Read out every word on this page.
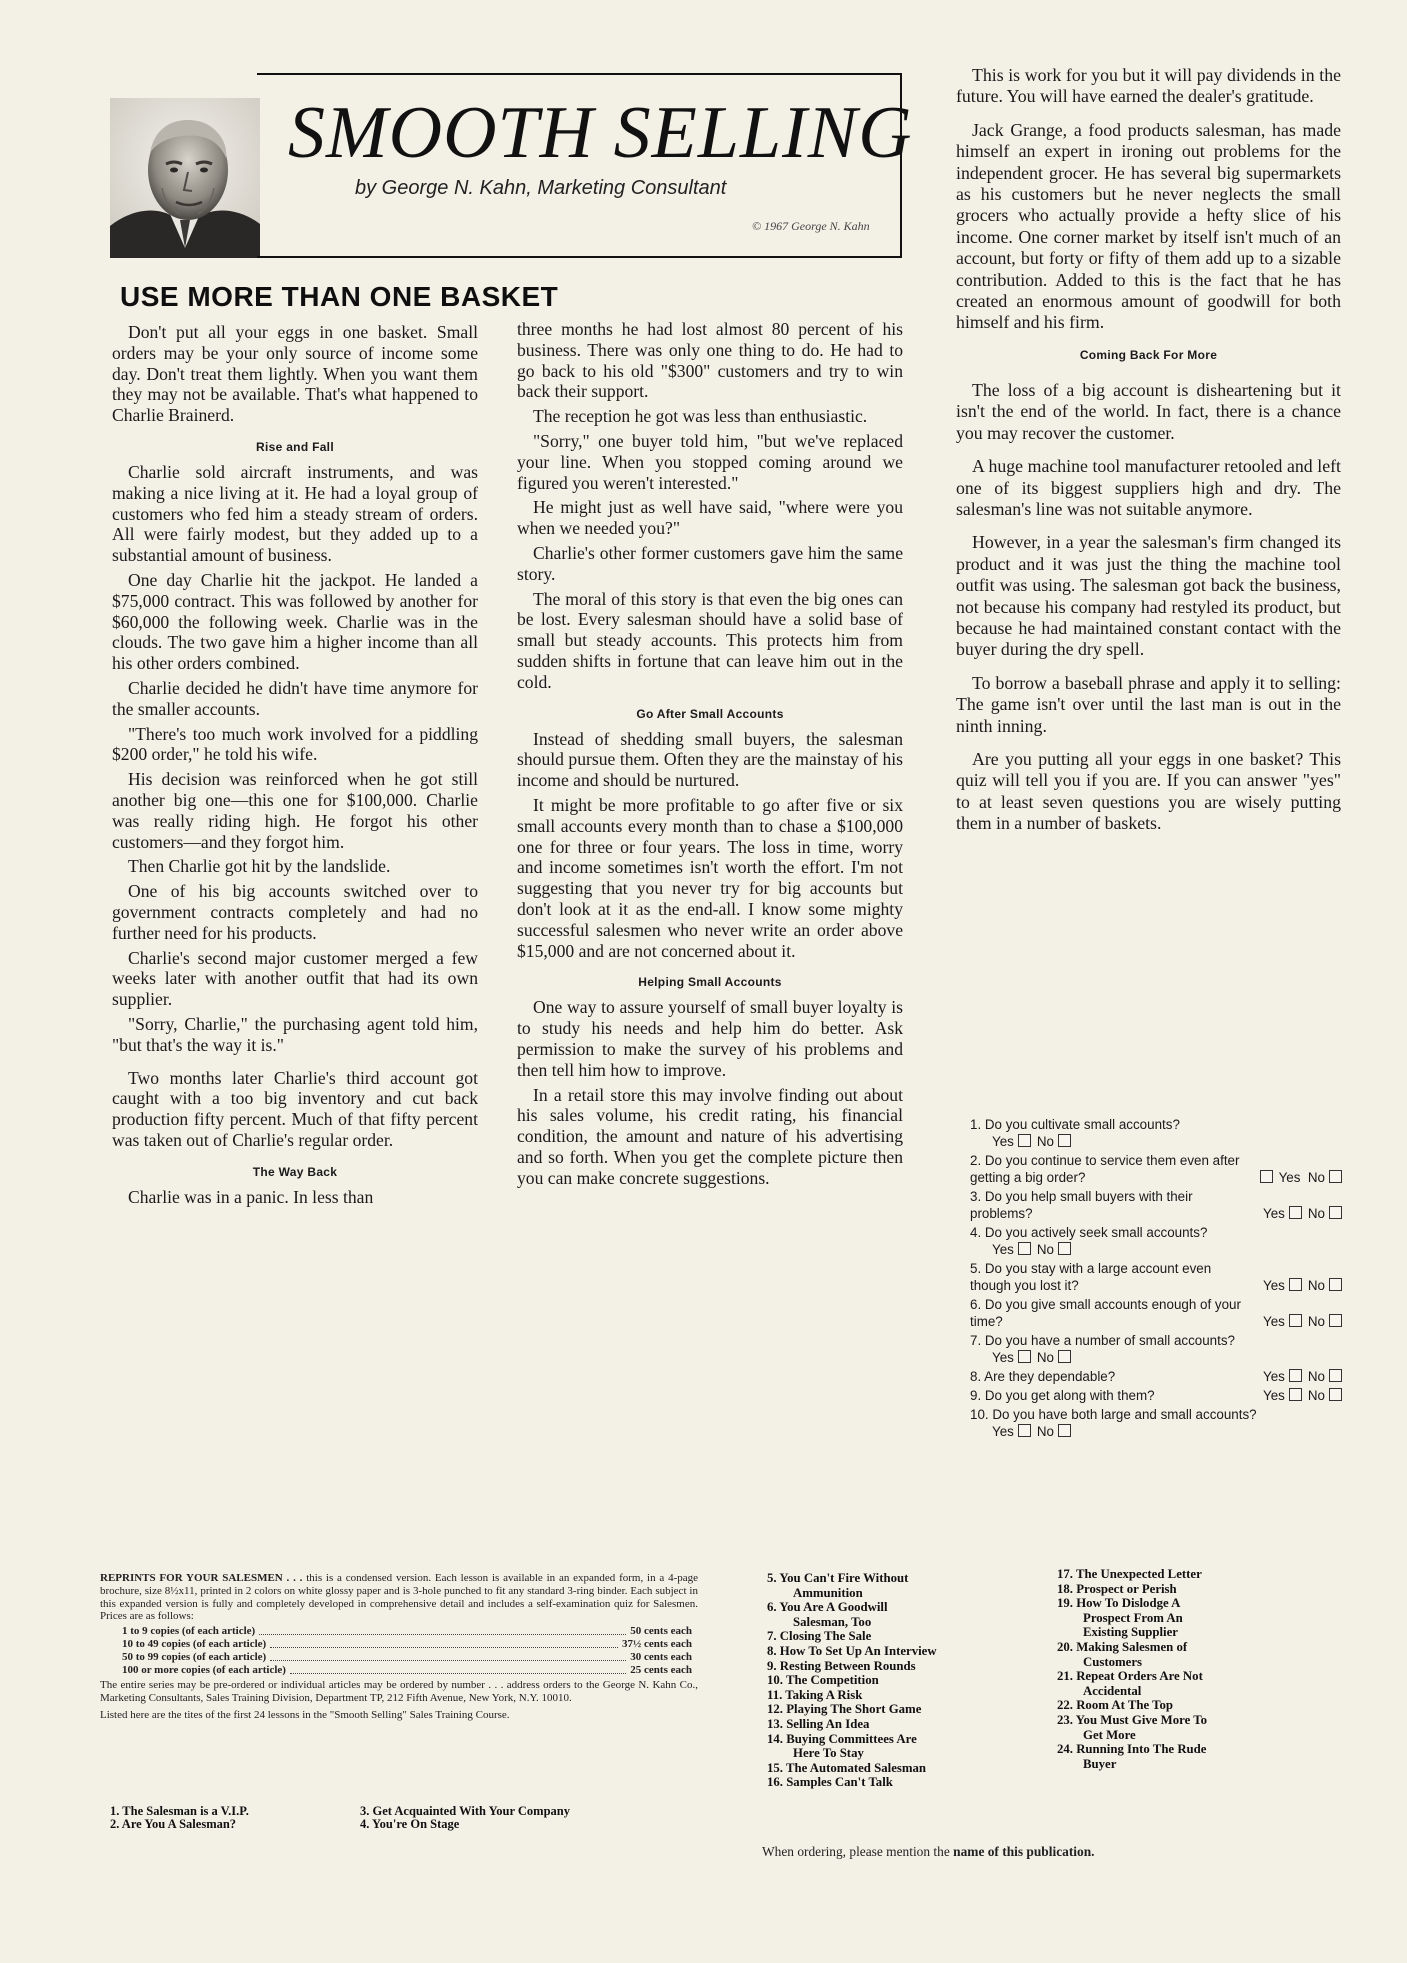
SMOOTH SELLING
by George N. Kahn, Marketing Consultant
© 1967 George N. Kahn
USE MORE THAN ONE BASKET

Don't put all your eggs in one basket. Small orders may be your only source of income some day. Don't treat them lightly. When you want them they may not be available. That's what happened to Charlie Brainerd.

Rise and Fall

Charlie sold aircraft instruments, and was making a nice living at it. He had a loyal group of customers who fed him a steady stream of orders. All were fairly modest, but they added up to a substantial amount of business.

One day Charlie hit the jackpot. He landed a $75,000 contract. This was followed by another for $60,000 the following week. Charlie was in the clouds. The two gave him a higher income than all his other orders combined.

Charlie decided he didn't have time anymore for the smaller accounts.

"There's too much work involved for a piddling $200 order," he told his wife.

His decision was reinforced when he got still another big one—this one for $100,000. Charlie was really riding high. He forgot his other customers—and they forgot him.

Then Charlie got hit by the landslide.

One of his big accounts switched over to government contracts completely and had no further need for his products.

Charlie's second major customer merged a few weeks later with another outfit that had its own supplier.

"Sorry, Charlie," the purchasing agent told him, "but that's the way it is."

Two months later Charlie's third account got caught with a too big inventory and cut back production fifty percent. Much of that fifty percent was taken out of Charlie's regular order.

The Way Back

Charlie was in a panic. In less than

three months he had lost almost 80 percent of his business. There was only one thing to do. He had to go back to his old "$300" customers and try to win back their support.

The reception he got was less than enthusiastic.

"Sorry," one buyer told him, "but we've replaced your line. When you stopped coming around we figured you weren't interested."

He might just as well have said, "where were you when we needed you?"

Charlie's other former customers gave him the same story.

The moral of this story is that even the big ones can be lost. Every salesman should have a solid base of small but steady accounts. This protects him from sudden shifts in fortune that can leave him out in the cold.

Go After Small Accounts

Instead of shedding small buyers, the salesman should pursue them. Often they are the mainstay of his income and should be nurtured.

It might be more profitable to go after five or six small accounts every month than to chase a $100,000 one for three or four years. The loss in time, worry and income sometimes isn't worth the effort. I'm not suggesting that you never try for big accounts but don't look at it as the end-all. I know some mighty successful salesmen who never write an order above $15,000 and are not concerned about it.

Helping Small Accounts

One way to assure yourself of small buyer loyalty is to study his needs and help him do better. Ask permission to make the survey of his problems and then tell him how to improve.

In a retail store this may involve finding out about his sales volume, his credit rating, his financial condition, the amount and nature of his advertising and so forth. When you get the complete picture then you can make concrete suggestions.

This is work for you but it will pay dividends in the future. You will have earned the dealer's gratitude.

Jack Grange, a food products salesman, has made himself an expert in ironing out problems for the independent grocer. He has several big supermarkets as his customers but he never neglects the small grocers who actually provide a hefty slice of his income. One corner market by itself isn't much of an account, but forty or fifty of them add up to a sizable contribution. Added to this is the fact that he has created an enormous amount of goodwill for both himself and his firm.

Coming Back For More

The loss of a big account is disheartening but it isn't the end of the world. In fact, there is a chance you may recover the customer.

A huge machine tool manufacturer retooled and left one of its biggest suppliers high and dry. The salesman's line was not suitable anymore.

However, in a year the salesman's firm changed its product and it was just the thing the machine tool outfit was using. The salesman got back the business, not because his company had restyled its product, but because he had maintained constant contact with the buyer during the dry spell.

To borrow a baseball phrase and apply it to selling: The game isn't over until the last man is out in the ninth inning.

Are you putting all your eggs in one basket? This quiz will tell you if you are. If you can answer "yes" to at least seven questions you are wisely putting them in a number of baskets.

1. Do you cultivate small accounts?
Yes No
2. Do you continue to service them even after getting a big order?	Yes No
3. Do you help small buyers with their problems?	Yes No
4. Do you actively seek small accounts?
Yes No
5. Do you stay with a large account even though you lost it?	Yes No
6. Do you give small accounts enough of your time?	Yes No
7. Do you have a number of small accounts?
Yes No
8. Are they dependable?	Yes No
9. Do you get along with them?	Yes No
10. Do you have both large and small accounts?
Yes No
REPRINTS FOR YOUR SALESMEN . . . this is a condensed version. Each lesson is available in an expanded form, in a 4-page brochure, size 8½x11, printed in 2 colors on white glossy paper and is 3-hole punched to fit any standard 3-ring binder. Each subject in this expanded version is fully and completely developed in comprehensive detail and includes a self-examination quiz for Salesmen. Prices are as follows:
1 to 9 copies (of each article)	50 cents each
10 to 49 copies (of each article)	37½ cents each
50 to 99 copies (of each article)	30 cents each
100 or more copies (of each article)	25 cents each
The entire series may be pre-ordered or individual articles may be ordered by number . . . address orders to the George N. Kahn Co., Marketing Consultants, Sales Training Division, Department TP, 212 Fifth Avenue, New York, N.Y. 10010.
Listed here are the tites of the first 24 lessons in the "Smooth Selling" Sales Training Course.
1. The Salesman is a V.I.P.
2. Are You A Salesman?
3. Get Acquainted With Your Company
4. You're On Stage
5. You Can't Fire Without
Ammunition
6. You Are A Goodwill
Salesman, Too
7. Closing The Sale
8. How To Set Up An Interview
9. Resting Between Rounds
10. The Competition
11. Taking A Risk
12. Playing The Short Game
13. Selling An Idea
14. Buying Committees Are
Here To Stay
15. The Automated Salesman
16. Samples Can't Talk
17. The Unexpected Letter
18. Prospect or Perish
19. How To Dislodge A
Prospect From An
Existing Supplier
20. Making Salesmen of
Customers
21. Repeat Orders Are Not
Accidental
22. Room At The Top
23. You Must Give More To
Get More
24. Running Into The Rude
Buyer
When ordering, please mention the name of this publication.
